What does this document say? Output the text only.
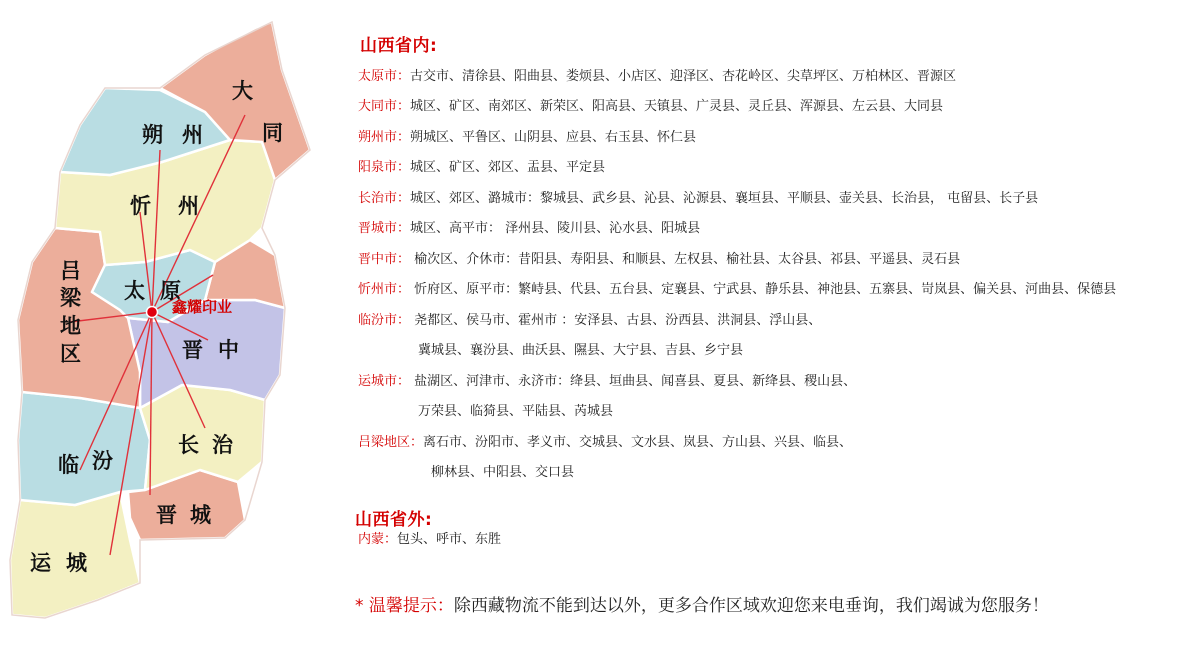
大
同
朔 州
忻 州
太 原
吕
梁
地
区	晋 中
临 汾
长 治
晋 城
运 城
鑫耀印业
山西省内:
太原市：古交市、清徐县、阳曲县、娄烦县、小店区、迎泽区、杏花岭区、尖草坪区、万柏林区、晋源区
大同市：城区、矿区、南郊区、新荣区、阳高县、天镇县、广灵县、灵丘县、浑源县、左云县、大同县
朔州市：朔城区、平鲁区、山阴县、应县、右玉县、怀仁县
阳泉市：城区、矿区、郊区、盂县、平定县
长治市：城区、郊区、潞城市：黎城县、武乡县、沁县、沁源县、襄垣县、平顺县、壶关县、长治县， 屯留县、长子县
晋城市：城区、高平市： 泽州县、陵川县、沁水县、阳城县
晋中市： 榆次区、介休市：昔阳县、寿阳县、和顺县、左权县、榆社县、太谷县、祁县、平遥县、灵石县
忻州市： 忻府区、原平市：繁峙县、代县、五台县、定襄县、宁武县、静乐县、神池县、五寨县、岢岚县、偏关县、河曲县、保德县
临汾市： 尧都区、侯马市、霍州市 ：安泽县、古县、汾西县、洪洞县、浮山县、
冀城县、襄汾县、曲沃县、隰县、大宁县、吉县、乡宁县
运城市： 盐湖区、河津市、永济市：绛县、垣曲县、闻喜县、夏县、新绛县、稷山县、
万荣县、临猗县、平陆县、芮城县
吕梁地区：离石市、汾阳市、孝义市、交城县、文水县、岚县、方山县、兴县、临县、
柳林县、中阳县、交口县
山西省外:
内蒙：包头、呼市、东胜
* 温馨提示：除西藏物流不能到达以外，更多合作区域欢迎您来电垂询，我们竭诚为您服务！
